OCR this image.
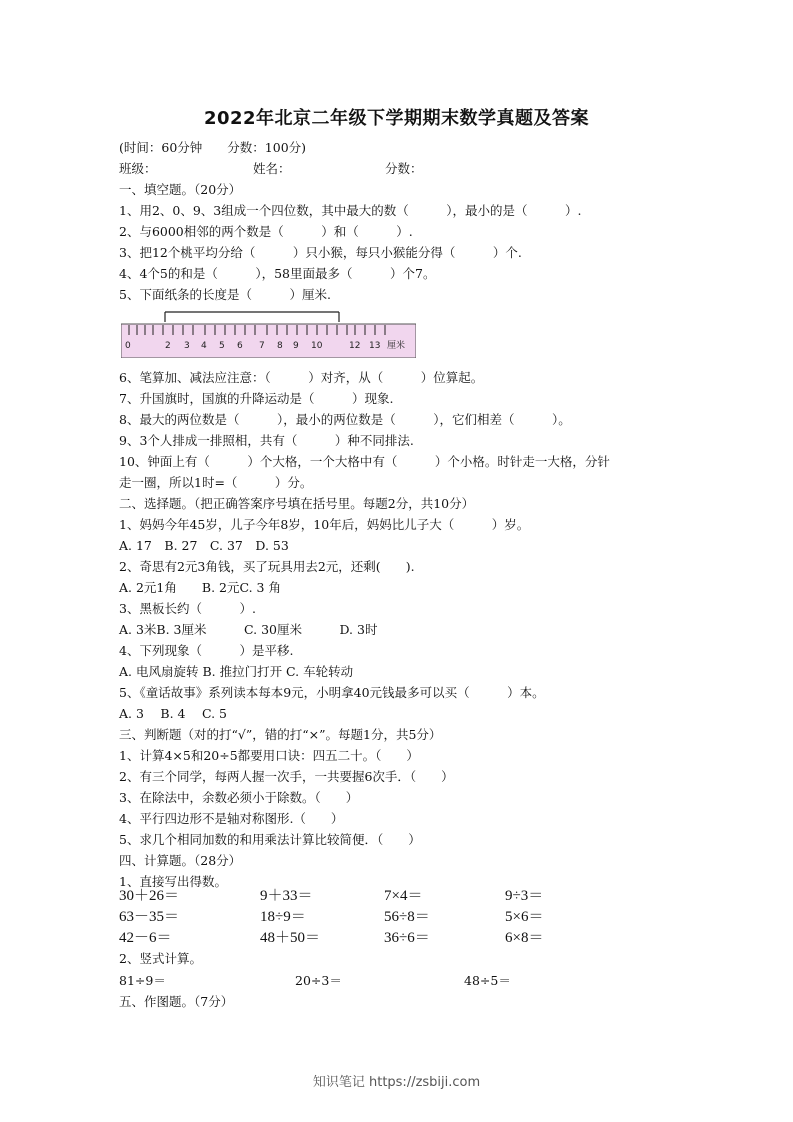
2022年北京二年级下学期期末数学真题及答案
(时间：60分钟　　分数：100分)
班级：	姓名：	分数：
一、填空题。（20分）
1、用2、0、9、3组成一个四位数，其中最大的数（　　　），最小的是（　　　）.
2、与6000相邻的两个数是（　　　）和（　　　）.
3、把12个桃平均分给（　　　）只小猴，每只小猴能分得（　　　）个.
4、4个5的和是（　　　），58里面最多（　　　）个7。
5、下面纸条的长度是（　　　）厘米.
6、笔算加、减法应注意：（　　　）对齐，从（　　　）位算起。
7、升国旗时，国旗的升降运动是（　　　）现象.
8、最大的两位数是（　　　），最小的两位数是（　　　），它们相差（　　　）。
9、3个人排成一排照相，共有（　　　）种不同排法.
10、钟面上有（　　　）个大格，一个大格中有（　　　）个小格。时针走一大格，分针
走一圈，所以1时=（　　　）分。
二、选择题。（把正确答案序号填在括号里。每题2分，共10分）
1、妈妈今年45岁，儿子今年8岁，10年后，妈妈比儿子大（　　　）岁。
A. 17　B. 27　C. 37　D. 53
2、奇思有2元3角钱，买了玩具用去2元，还剩(　　).
A. 2元1角　　B. 2元C. 3 角
3、黑板长约（　　　）.
A. 3米B. 3厘米　　　C. 30厘米　　　D. 3时
4、下列现象（　　　）是平移.
A. 电风扇旋转 B. 推拉门打开 C. 车轮转动
5、《童话故事》系列读本每本9元，小明拿40元钱最多可以买（　　　）本。
A. 3　 B. 4　 C. 5
三、判断题（对的打“√”，错的打“×”。每题1分，共5分）
1、计算4×5和20÷5都要用口诀：四五二十。（　　）
2、有三个同学，每两人握一次手，一共要握6次手．（　　）
3、在除法中，余数必须小于除数。（　　）
4、平行四边形不是轴对称图形.（　　）
5、求几个相同加数的和用乘法计算比较简便．（　　）
四、计算题。（28分）
1、直接写出得数。
0	2 3 4 5 6 7 8 9 10	12 13 厘米
30＋26＝	9＋33＝	7×4＝	9÷3＝
63－35＝	18÷9＝	56÷8＝	5×6＝
42－6＝	48＋50＝	36÷6＝	6×8＝
2、竖式计算。
81÷9＝	20÷3＝	48÷5＝
五、作图题。（7分）
知识笔记 https://zsbiji.com
